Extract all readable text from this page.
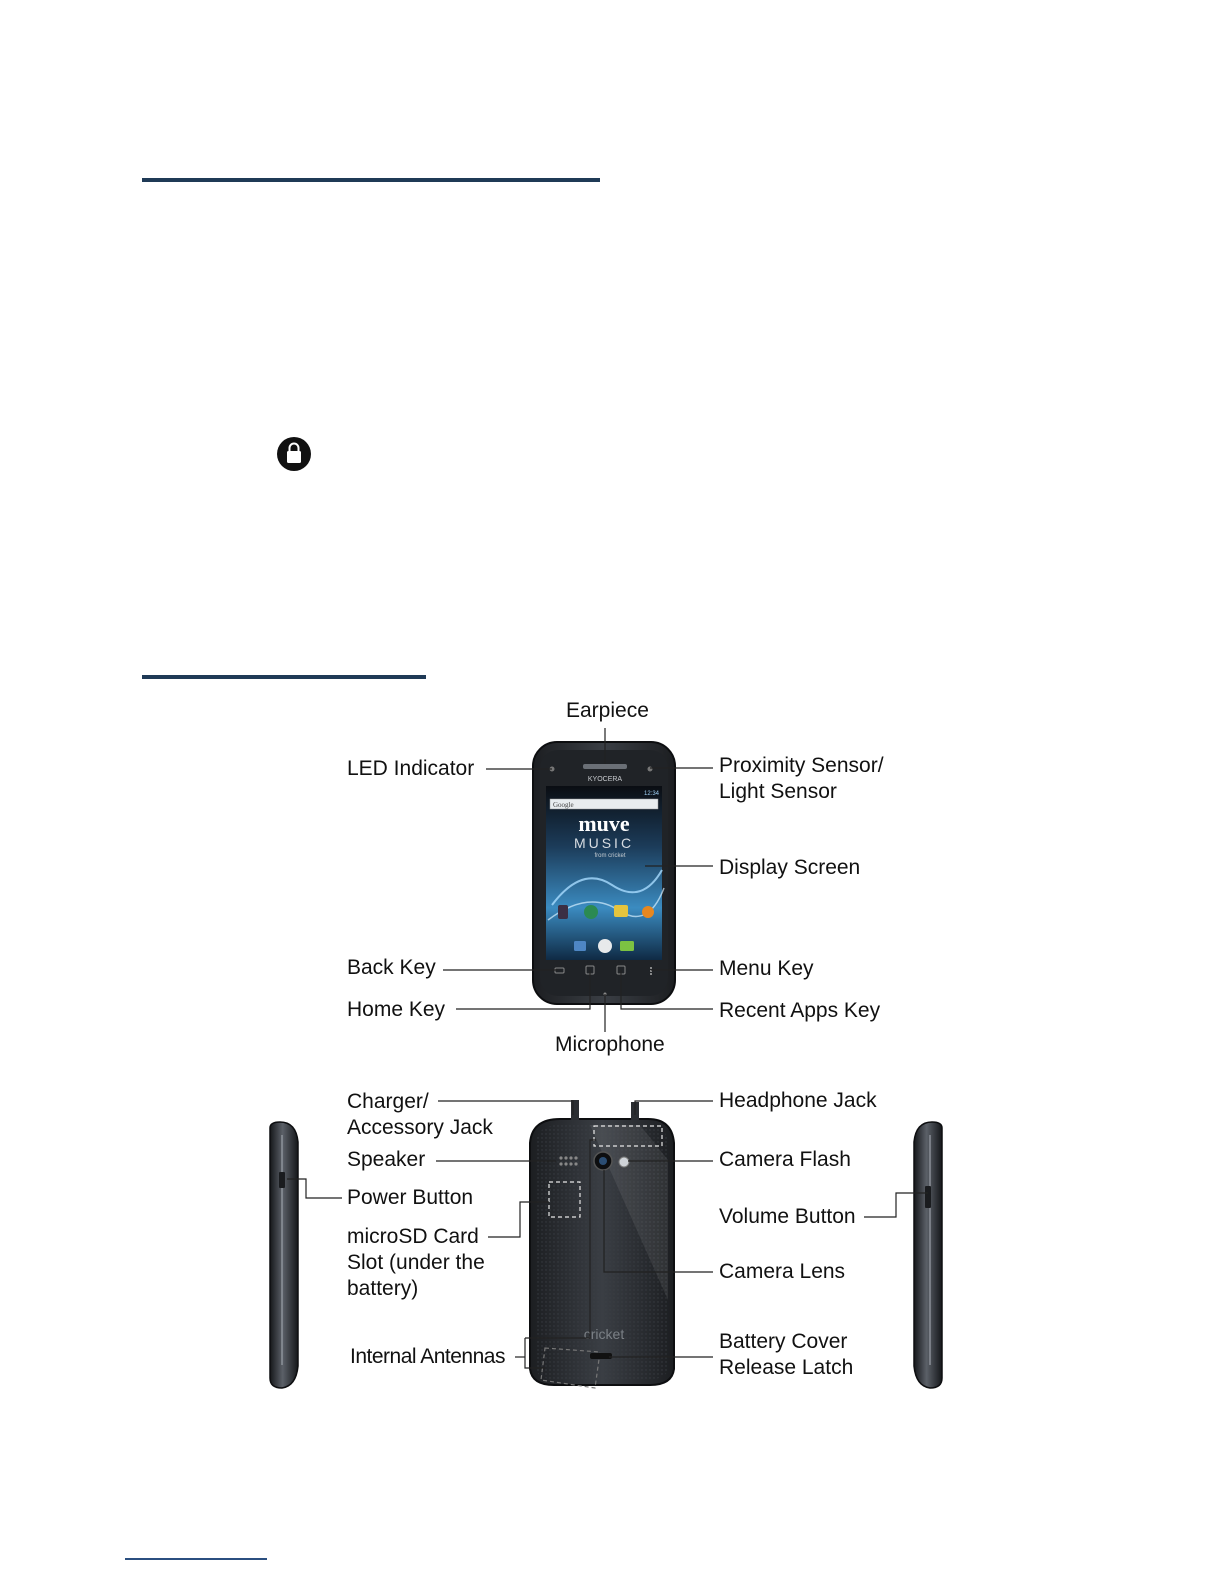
KYOCERA
12:34
Google
muve
MUSIC
from cricket
cricket
Earpiece
LED Indicator	Proximity Sensor/
Light Sensor
Display Screen
Back Key	Menu Key
Home Key	Recent Apps Key
Microphone
Charger/
Accessory Jack
Headphone Jack
Speaker	Camera Flash
Power Button
Volume Button
microSD Card
Slot (under the
battery)
Camera Lens
Internal Antennas
Battery Cover
Release Latch
